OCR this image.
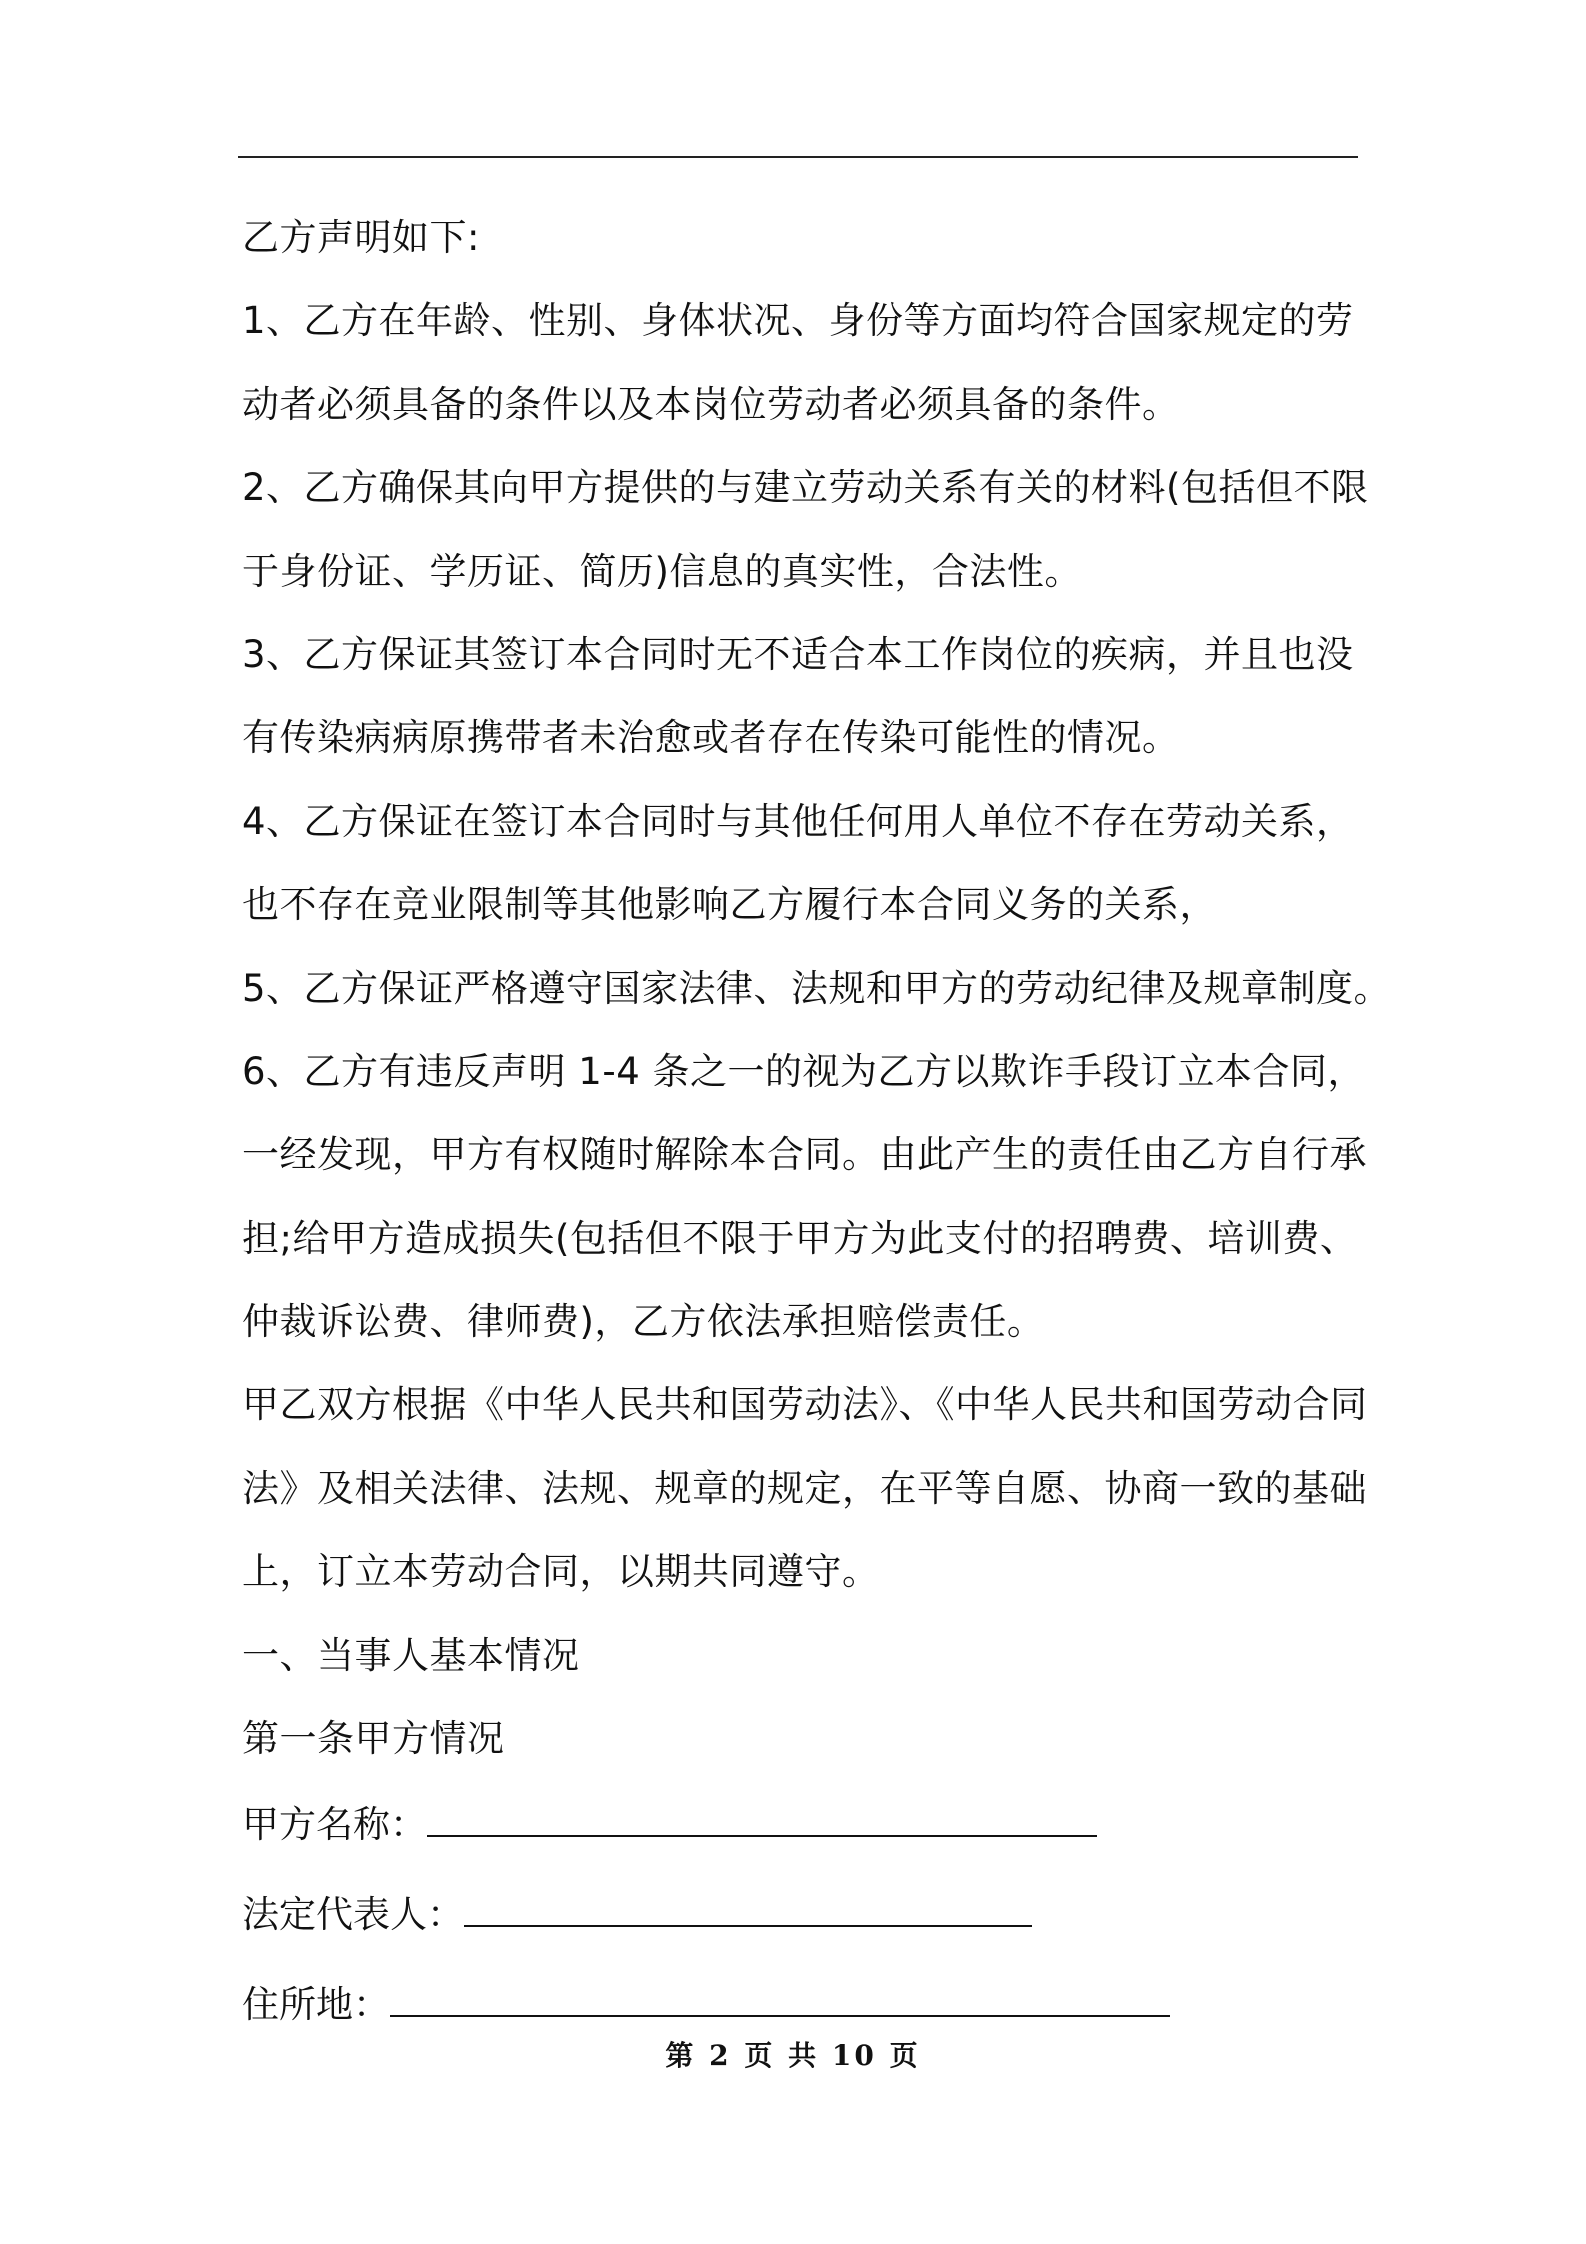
乙方声明如下:
1、乙方在年龄、性别、身体状况、身份等方面均符合国家规定的劳
动者必须具备的条件以及本岗位劳动者必须具备的条件。
2、乙方确保其向甲方提供的与建立劳动关系有关的材料(包括但不限
于身份证、学历证、简历)信息的真实性，合法性。
3、乙方保证其签订本合同时无不适合本工作岗位的疾病，并且也没
有传染病病原携带者未治愈或者存在传染可能性的情况。
4、乙方保证在签订本合同时与其他任何用人单位不存在劳动关系，
也不存在竞业限制等其他影响乙方履行本合同义务的关系，
5、乙方保证严格遵守国家法律、法规和甲方的劳动纪律及规章制度。
6、乙方有违反声明 1-4 条之一的视为乙方以欺诈手段订立本合同，
一经发现，甲方有权随时解除本合同。由此产生的责任由乙方自行承
担;给甲方造成损失(包括但不限于甲方为此支付的招聘费、培训费、
仲裁诉讼费、律师费)，乙方依法承担赔偿责任。
甲乙双方根据《中华人民共和国劳动法》、《中华人民共和国劳动合同
法》及相关法律、法规、规章的规定，在平等自愿、协商一致的基础
上，订立本劳动合同，以期共同遵守。
一、当事人基本情况
第一条甲方情况
甲方名称：
法定代表人：
住所地：
第 2 页 共 10 页
